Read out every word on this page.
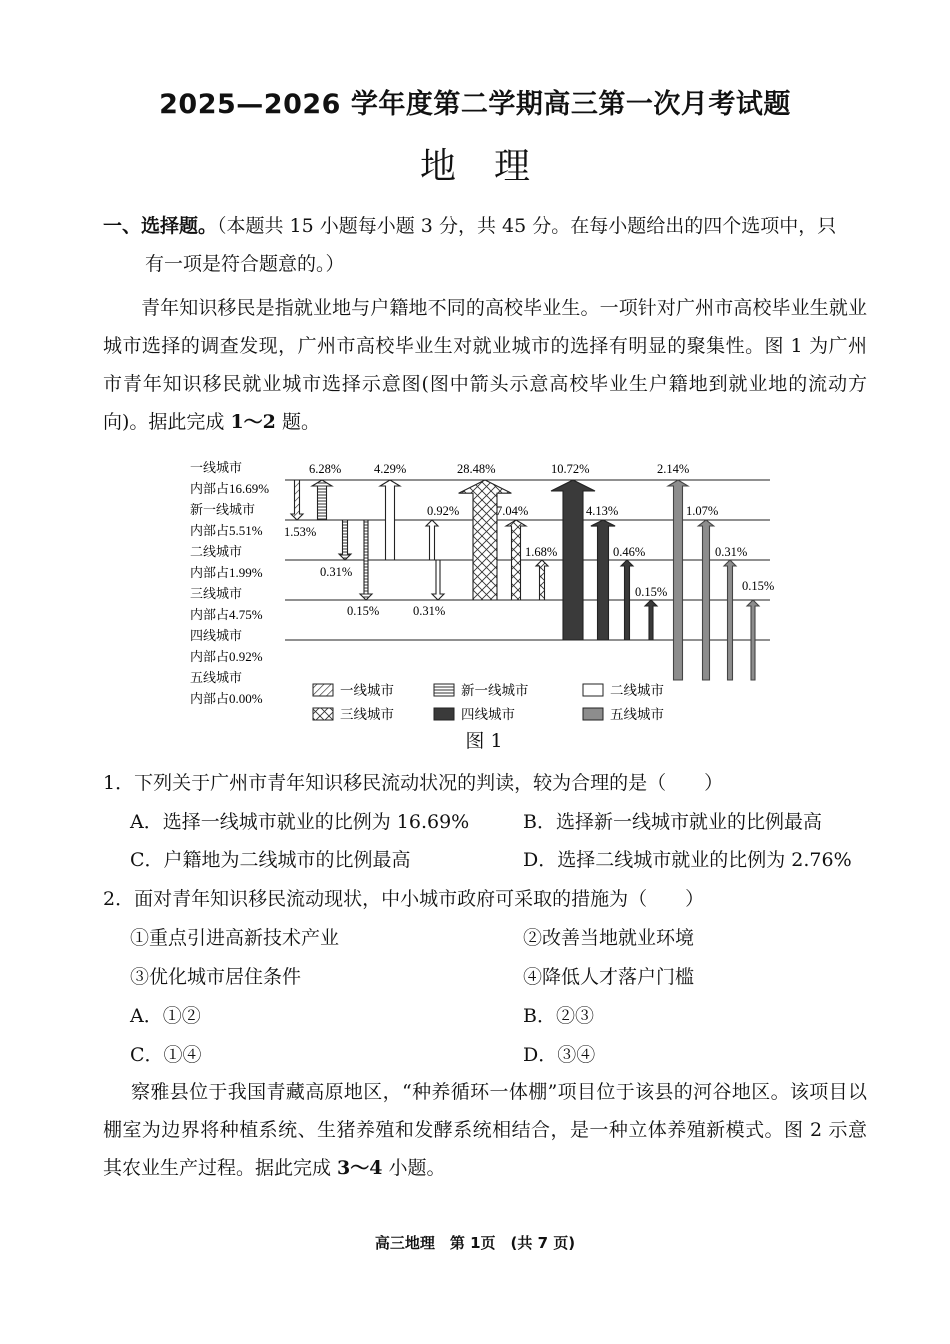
2025—2026 学年度第二学期高三第一次月考试题
地理
一、选择题。（本题共 15 小题每小题 3 分，共 45 分。在每小题给出的四个选项中，只
有一项是符合题意的。）
青年知识移民是指就业地与户籍地不同的高校毕业生。一项针对广州市高校毕业生就业城市选择的调查发现，广州市高校毕业生对就业城市的选择有明显的聚集性。图 1 为广州市青年知识移民就业城市选择示意图(图中箭头示意高校毕业生户籍地到就业地的流动方向)。据此完成 1～2 题。
一线城市
内部占16.69%
新一线城市
内部占5.51%
二线城市
内部占1.99%
三线城市
内部占4.75%
四线城市
内部占0.92%
五线城市
内部占0.00%
1.53%
6.28%
0.31%
0.15%
4.29%
0.92%
0.31%
28.48%
7.04%
1.68%
10.72%
4.13%
0.46%
0.15%
2.14%
1.07%
0.31%
0.15%
一线城市	新一线城市	二线城市
三线城市	四线城市	五线城市
图 1
1．下列关于广州市青年知识移民流动状况的判读，较为合理的是（　　）
A．选择一线城市就业的比例为 16.69%	B．选择新一线城市就业的比例最高
C．户籍地为二线城市的比例最高	D．选择二线城市就业的比例为 2.76%
2．面对青年知识移民流动现状，中小城市政府可采取的措施为（　　）
①重点引进高新技术产业	②改善当地就业环境
③优化城市居住条件	④降低人才落户门槛
A．①②	B．②③
C．①④	D．③④
察雅县位于我国青藏高原地区，“种养循环一体棚”项目位于该县的河谷地区。该项目以棚室为边界将种植系统、生猪养殖和发酵系统相结合，是一种立体养殖新模式。图 2 示意其农业生产过程。据此完成 3～4 小题。
高三地理　第 1页　(共 7 页)
